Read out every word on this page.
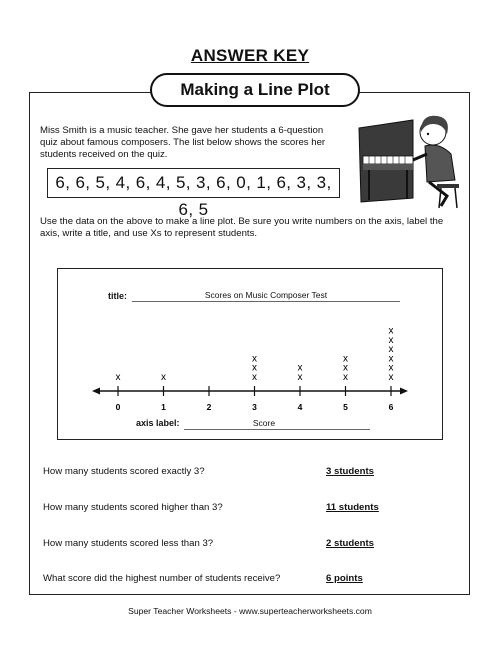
ANSWER KEY
Making a Line Plot
Miss Smith is a music teacher. She gave her students a 6-question quiz about famous composers. The list below shows the scores her students received on the quiz.
6, 6, 5, 4, 6, 4, 5, 3, 6, 0, 1, 6, 3, 3, 6, 5
Use the data on the above to make a line plot. Be sure you write numbers on the axis, label the axis, write a title, and use Xs to represent students.
title:	Scores on Music Composer Test
0
x
1
x
2	3
x
x
x
4
x
x
5
x
x
x
6
x
x
x
x
x
x
axis label:	Score
How many students scored exactly 3?	3 students
How many students scored higher than 3?	11 students
How many students scored less than 3?	2 students
What score did the highest number of students receive?	6 points
Super Teacher Worksheets - www.superteacherworksheets.com
